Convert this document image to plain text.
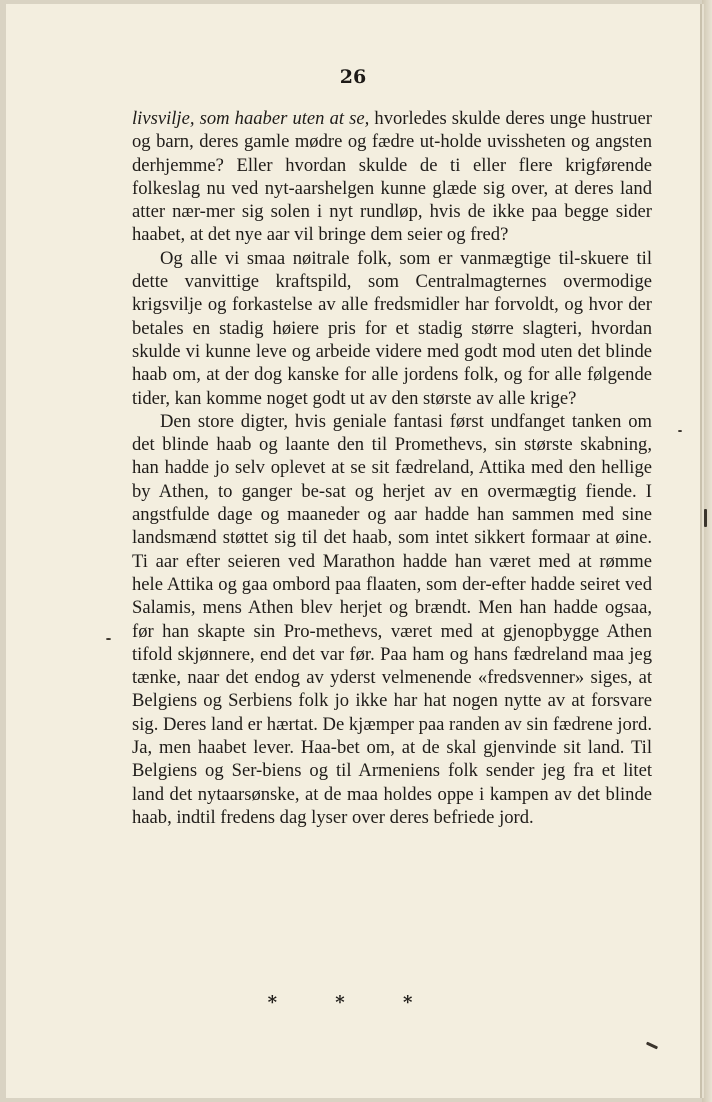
26

livsvilje, som haaber uten at se, hvorledes skulde deres unge hustruer og barn, deres gamle mødre og fædre ut-holde uvissheten og angsten derhjemme? Eller hvordan skulde de ti eller flere krigførende folkeslag nu ved nyt-aarshelgen kunne glæde sig over, at deres land atter nær-mer sig solen i nyt rundløp, hvis de ikke paa begge sider haabet, at det nye aar vil bringe dem seier og fred?

Og alle vi smaa nøitrale folk, som er vanmægtige til-skuere til dette vanvittige kraftspild, som Centralmagternes overmodige krigsvilje og forkastelse av alle fredsmidler har forvoldt, og hvor der betales en stadig høiere pris for et stadig større slagteri, hvordan skulde vi kunne leve og arbeide videre med godt mod uten det blinde haab om, at der dog kanske for alle jordens folk, og for alle følgende tider, kan komme noget godt ut av den største av alle krige?

Den store digter, hvis geniale fantasi først undfanget tanken om det blinde haab og laante den til Promethevs, sin største skabning, han hadde jo selv oplevet at se sit fædreland, Attika med den hellige by Athen, to ganger be-sat og herjet av en overmægtig fiende. I angstfulde dage og maaneder og aar hadde han sammen med sine landsmænd støttet sig til det haab, som intet sikkert formaar at øine. Ti aar efter seieren ved Marathon hadde han været med at rømme hele Attika og gaa ombord paa flaaten, som der-efter hadde seiret ved Salamis, mens Athen blev herjet og brændt. Men han hadde ogsaa, før han skapte sin Pro-methevs, været med at gjenopbygge Athen tifold skjønnere, end det var før. Paa ham og hans fædreland maa jeg tænke, naar det endog av yderst velmenende «fredsvenner» siges, at Belgiens og Serbiens folk jo ikke har hat nogen nytte av at forsvare sig. Deres land er hærtat. De kjæmper paa randen av sin fædrene jord. Ja, men haabet lever. Haa-bet om, at de skal gjenvinde sit land. Til Belgiens og Ser-biens og til Armeniens folk sender jeg fra et litet land det nytaarsønske, at de maa holdes oppe i kampen av det blinde haab, indtil fredens dag lyser over deres befriede jord.

* * *
